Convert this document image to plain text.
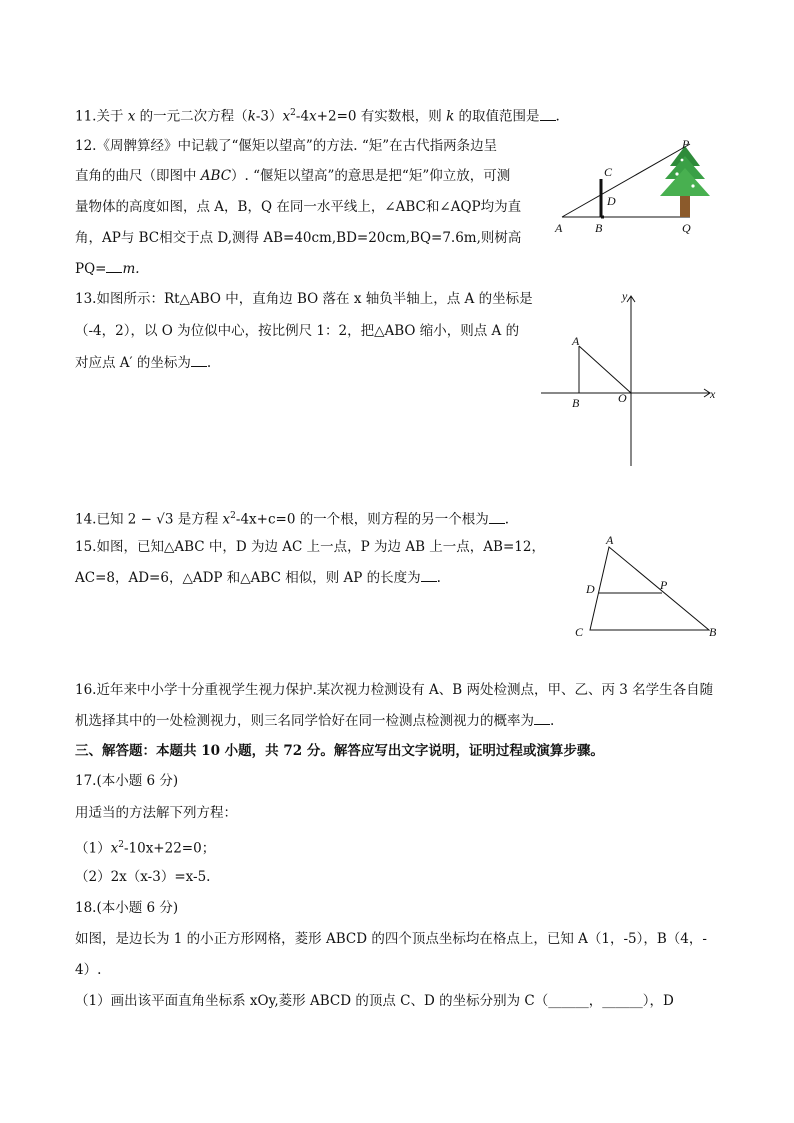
11.关于 x 的一元二次方程$(k-3)x^2-4x+2=0$ 有实数根，则 k 的取值范围是 .
12.《周髀算经》中记载了“偃矩以望高”的方法. “矩”在古代指两条边呈
直角的曲尺（即图中 ABC）. “偃矩以望高”的意思是把“矩”仰立放，可测
量物体的高度如图，点 A，B，Q 在同一水平线上，∠ABC和∠AQP均为直
角，AP与 BC相交于点 D,测得 AB=40cm,BD=20cm,BQ=7.6m,则树高
PQ= m.
A	B
C
D
P
Q
13.如图所示：Rt△ABO 中，直角边 BO 落在 x 轴负半轴上，点 A 的坐标是
（-4，2），以 O 为位似中心，按比例尺 1：2，把△ABO 缩小，则点 A 的
对应点 A′ 的坐标为 .
y
x
A
B	O
14.已知 2 − √3 是方程 $x^2-4x+c=0$ 的一个根，则方程的另一个根为 .
15.如图，已知△ABC 中，D 为边 AC 上一点，P 为边 AB 上一点，AB=12，
AC=8，AD=6，△ADP 和△ABC 相似，则 AP 的长度为 .
A
P
D
C	B
16.近年来中小学十分重视学生视力保护.某次视力检测设有 A、B 两处检测点，甲、乙、丙 3 名学生各自随
机选择其中的一处检测视力，则三名同学恰好在同一检测点检测视力的概率为 .
三、解答题：本题共 10 小题，共 72 分。解答应写出文字说明，证明过程或演算步骤。
17.(本小题 6 分)
用适当的方法解下列方程：
$(1)x^2-10x+22=0$；
（2）2x（x-3）=x-5.
18.(本小题 6 分)
如图，是边长为 1 的小正方形网格，菱形 ABCD 的四个顶点坐标均在格点上，已知 A（1，-5），B（4，-
4）.
（1）画出该平面直角坐标系 xOy,菱形 ABCD 的顶点 C、D 的坐标分别为 C（______，______），D
